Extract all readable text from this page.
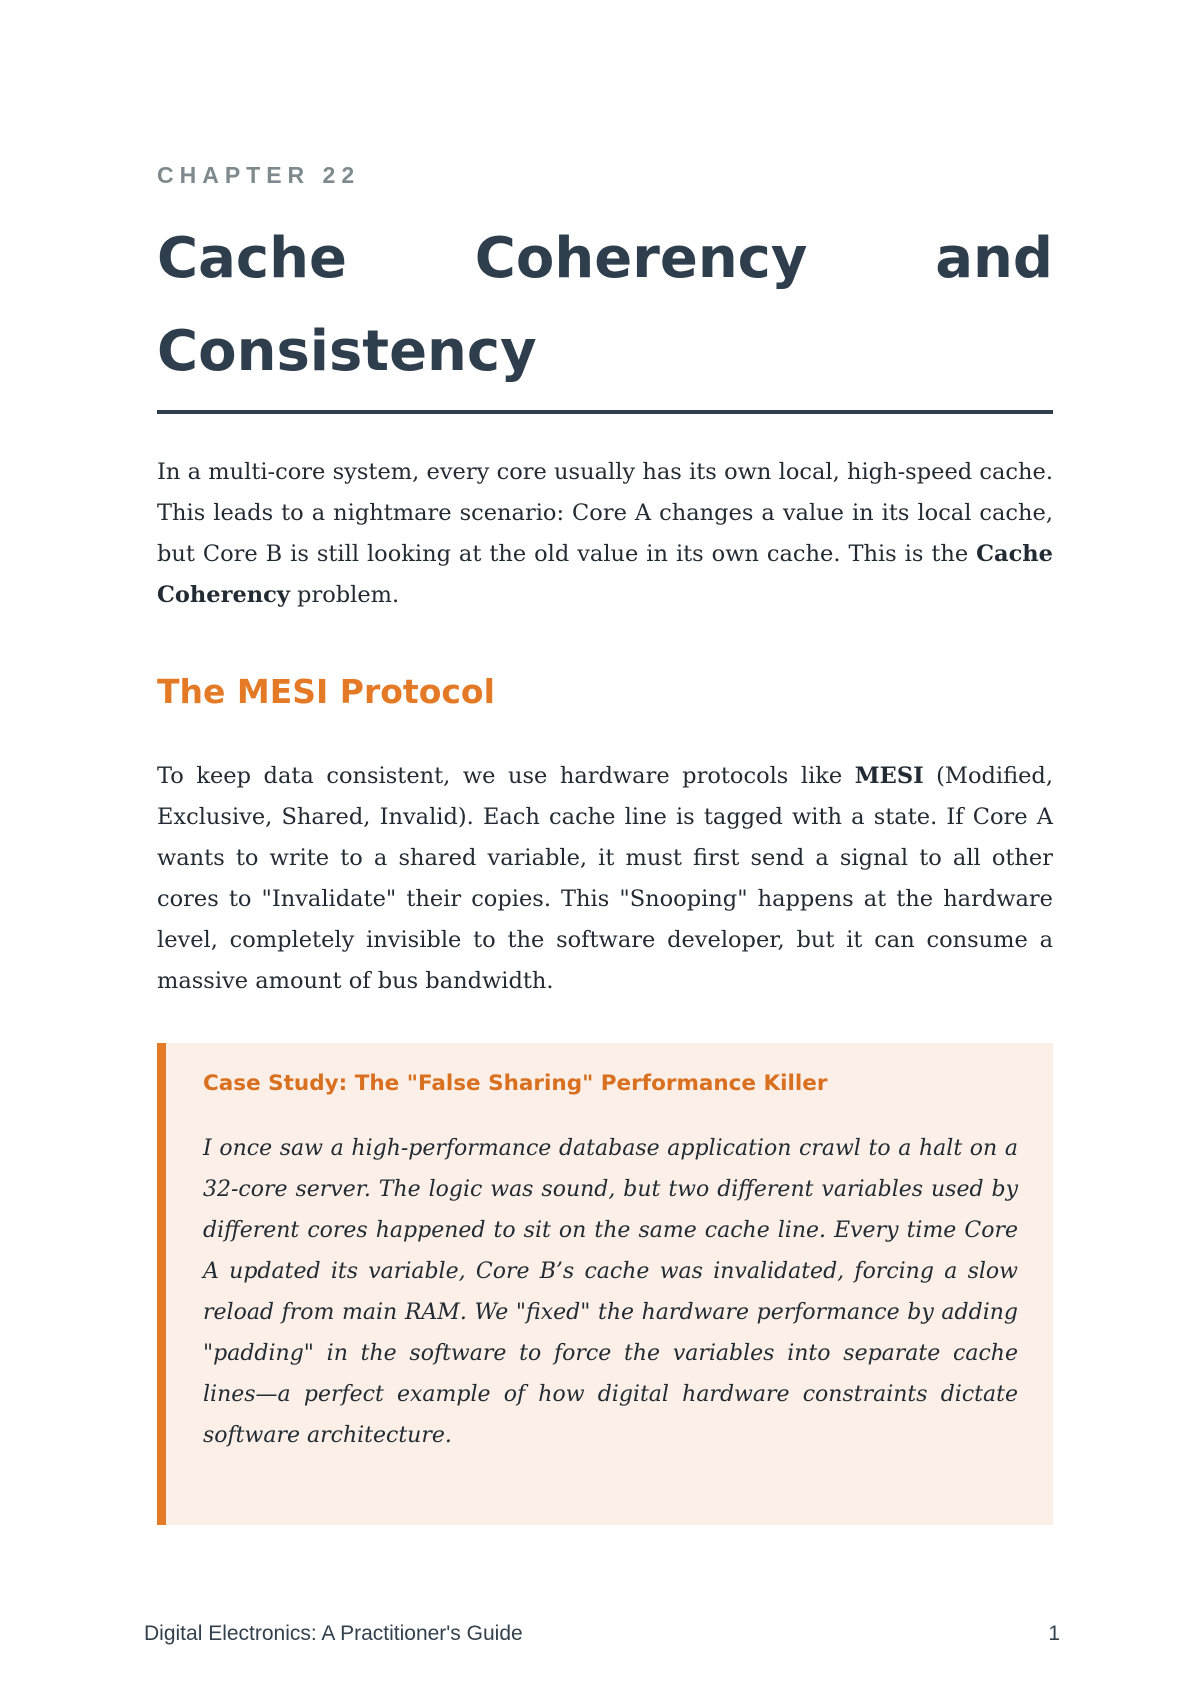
CHAPTER 22
Cache Coherency and Consistency

In a multi-core system, every core usually has its own local, high-speed cache. This leads to a nightmare scenario: Core A changes a value in its local cache, but Core B is still looking at the old value in its own cache. This is the Cache Coherency problem.

The MESI Protocol

To keep data consistent, we use hardware protocols like MESI (Modified, Exclusive, Shared, Invalid). Each cache line is tagged with a state. If Core A wants to write to a shared variable, it must first send a signal to all other cores to "Invalidate" their copies. This "Snooping" happens at the hardware level, completely invisible to the software developer, but it can consume a massive amount of bus bandwidth.

Case Study: The "False Sharing" Performance Killer

I once saw a high-performance database application crawl to a halt on a 32-core server. The logic was sound, but two different variables used by different cores happened to sit on the same cache line. Every time Core A updated its variable, Core B’s cache was invalidated, forcing a slow reload from main RAM. We "fixed" the hardware performance by adding "padding" in the software to force the variables into separate cache lines—a perfect example of how digital hardware constraints dictate software architecture.

Digital Electronics: A Practitioner's Guide	1
